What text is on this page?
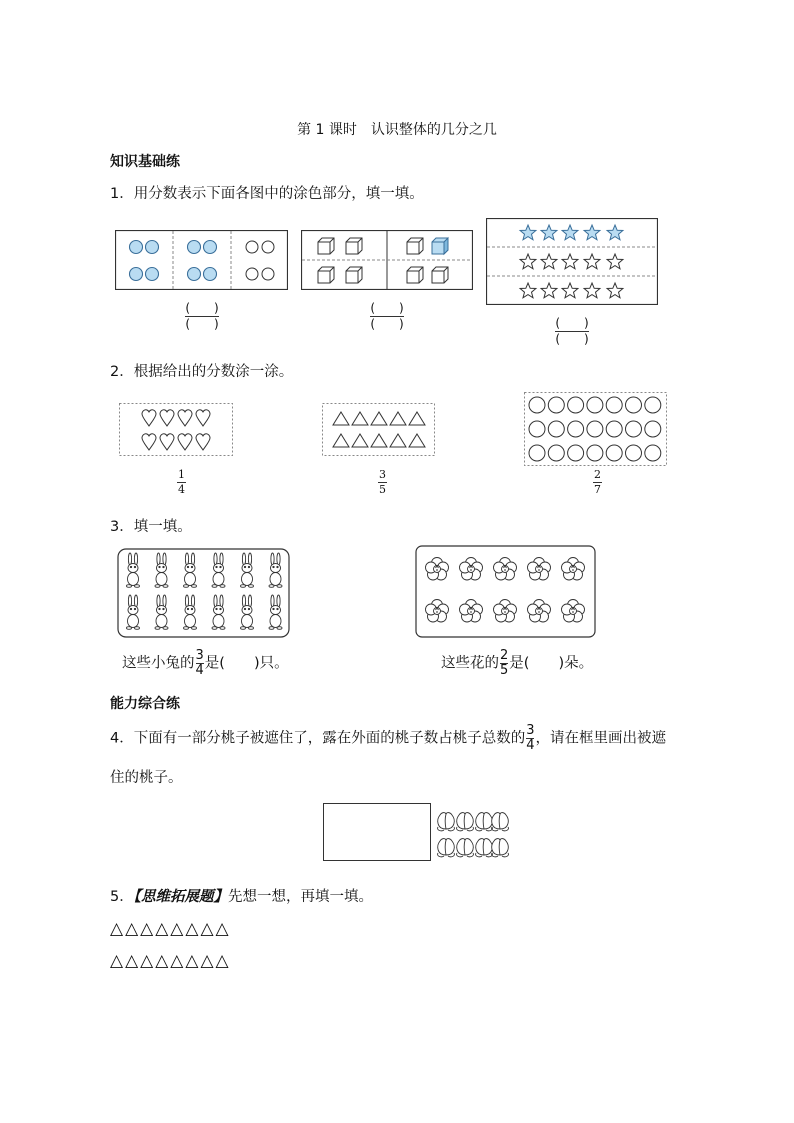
第 1 课时　认识整体的几分之几
知识基础练
1．用分数表示下面各图中的涂色部分，填一填。
(　　)
(　　)
(　　)
(　　)	(　　)
(　　)
2．根据给出的分数涂一涂。
1
4
3
5
2
7
3．填一填。
这些小兔的 $\frac{3}{4}$ 是(　　)只。	这些花的 $\frac{2}{5}$ 是(　　)朵。
能力综合练
4．下面有一部分桃子被遮住了，露在外面的桃子数占桃子总数的 $\frac{3}{4}$ ，请在框里画出被遮
住的桃子。
5．【思维拓展题】先想一想，再填一填。
△△△△△△△△
△△△△△△△△
